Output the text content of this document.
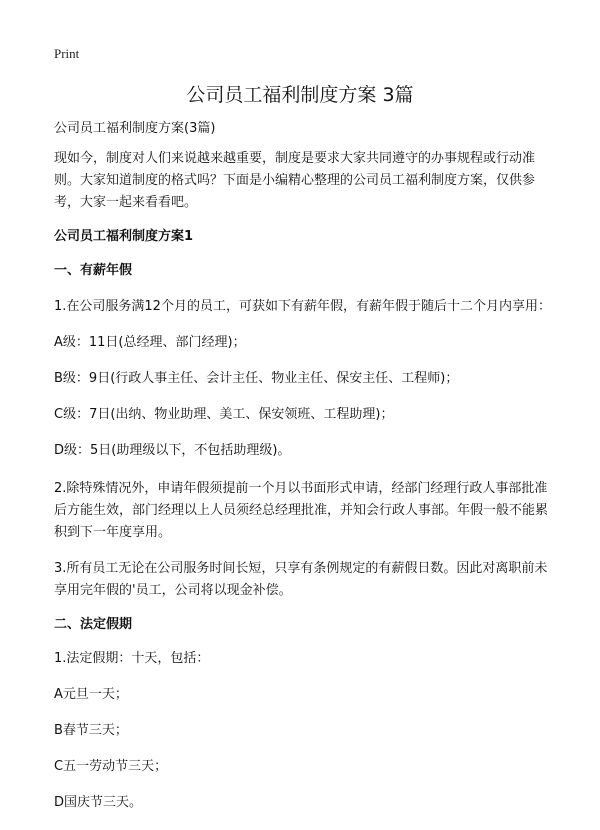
Print
公司员工福利制度方案 3篇

公司员工福利制度方案(3篇)

现如今，制度对人们来说越来越重要，制度是要求大家共同遵守的办事规程或行动准则。大家知道制度的格式吗？下面是小编精心整理的公司员工福利制度方案，仅供参考，大家一起来看看吧。

公司员工福利制度方案1

一、有薪年假

1.在公司服务满12个月的员工，可获如下有薪年假，有薪年假于随后十二个月内享用：

A级：11日(总经理、部门经理)；

B级：9日(行政人事主任、会计主任、物业主任、保安主任、工程师)；

C级：7日(出纳、物业助理、美工、保安领班、工程助理)；

D级：5日(助理级以下，不包括助理级)。

2.除特殊情况外，申请年假须提前一个月以书面形式申请，经部门经理行政人事部批准后方能生效，部门经理以上人员须经总经理批准，并知会行政人事部。年假一般不能累积到下一年度享用。

3.所有员工无论在公司服务时间长短，只享有条例规定的有薪假日数。因此对离职前未享用完年假的'员工，公司将以现金补偿。

二、法定假期

1.法定假期：十天，包括：

A元旦一天；

B春节三天；

C五一劳动节三天；

D国庆节三天。
